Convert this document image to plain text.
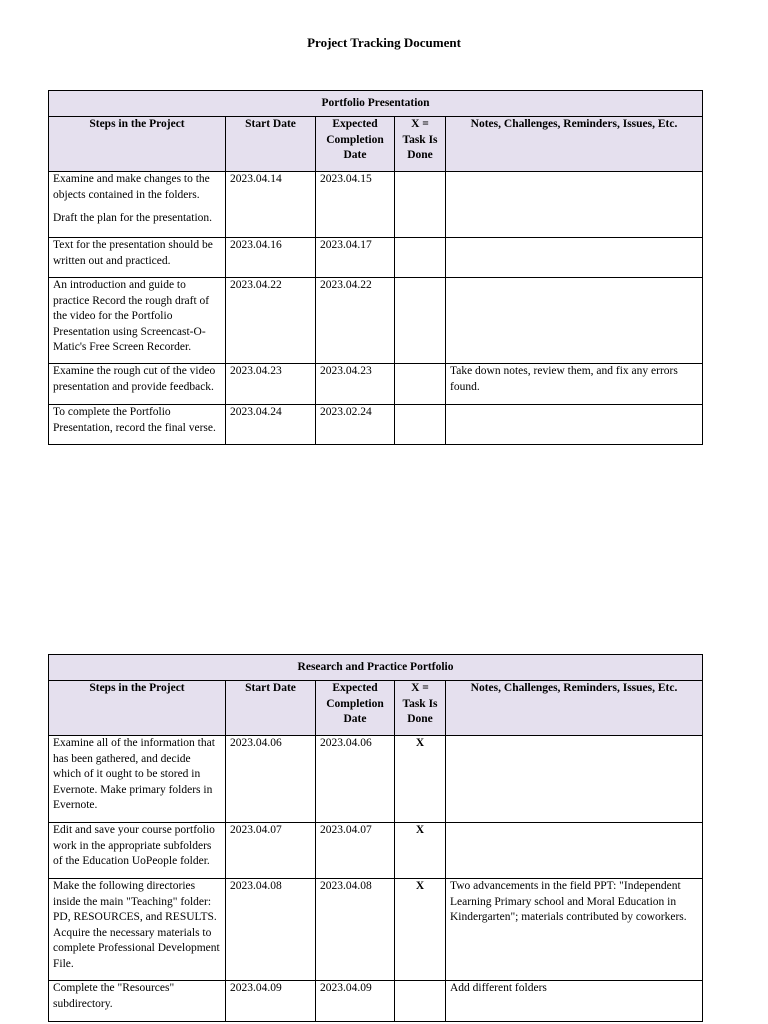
Project Tracking Document
Portfolio Presentation				
Steps in the Project	Start Date	Expected Completion Date	X = Task Is Done	Notes, Challenges, Reminders, Issues, Etc.

Examine and make changes to the objects contained in the folders.
Draft the plan for the presentation.	2023.04.14	2023.04.15		

Text for the presentation should be written out and practiced.	2023.04.16	2023.04.17		

An introduction and guide to practice Record the rough draft of the video for the Portfolio Presentation using Screencast-O-Matic's Free Screen Recorder.	2023.04.22	2023.04.22		

Examine the rough cut of the video presentation and provide feedback.	2023.04.23	2023.04.23		Take down notes, review them, and fix any errors found.

To complete the Portfolio Presentation, record the final verse.	2023.04.24	2023.02.24		
Research and Practice Portfolio				
Steps in the Project	Start Date	Expected Completion Date	X = Task Is Done	Notes, Challenges, Reminders, Issues, Etc.

Examine all of the information that has been gathered, and decide which of it ought to be stored in Evernote. Make primary folders in Evernote.	2023.04.06	2023.04.06	X	

Edit and save your course portfolio work in the appropriate subfolders of the Education UoPeople folder.	2023.04.07	2023.04.07	X	

Make the following directories inside the main "Teaching" folder: PD, RESOURCES, and RESULTS. Acquire the necessary materials to complete Professional Development File.	2023.04.08	2023.04.08	X	Two advancements in the field PPT: "Independent Learning Primary school and Moral Education in Kindergarten"; materials contributed by coworkers.

Complete the "Resources" subdirectory.	2023.04.09	2023.04.09		Add different folders
